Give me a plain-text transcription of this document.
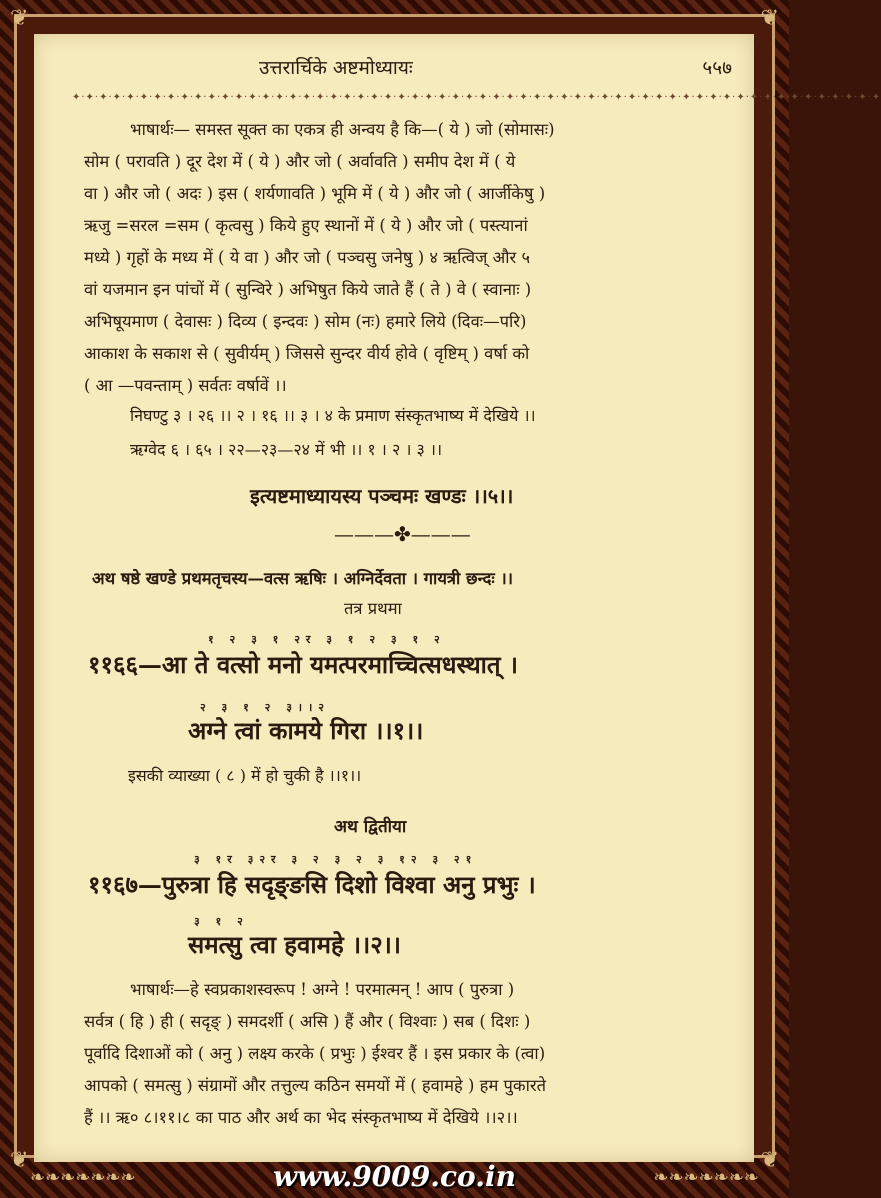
❦	❦
❦	❦
उत्तरार्चिके अष्टमोध्यायः	५५७
✦·✦·✦·✦·✦·✦·✦·✦·✦·✦·✦·✦·✦·✦·✦·✦·✦·✦·✦·✦·✦·✦·✦·✦·✦·✦·✦·✦·✦·✦·✦·✦·✦·✦·✦·✦·✦·✦·✦·✦·✦·✦·✦·✦·✦·✦·✦·✦·✦·✦·✦·✦·✦·✦·✦·✦·✦·✦·✦·✦
भाषार्थः— समस्त सूक्त का एकत्र ही अन्वय है कि—( ये ) जो (सोमासः)
सोम ( परावति ) दूर देश में ( ये ) और जो ( अर्वावति ) समीप देश में ( ये
वा ) और जो ( अदः ) इस ( शर्यणावति ) भूमि में ( ये ) और जो ( आर्जीकेषु )
ऋजु =सरल =सम ( कृत्वसु ) किये हुए स्थानों में ( ये ) और जो ( पस्त्यानां
मध्ये ) गृहों के मध्य में ( ये वा ) और जो ( पञ्चसु जनेषु ) ४ ऋत्विज् और ५
वां यजमान इन पांचों में ( सुन्विरे ) अभिषुत किये जाते हैं ( ते ) वे ( स्वानाः )
अभिषूयमाण ( देवासः ) दिव्य ( इन्दवः ) सोम (नः) हमारे लिये (दिवः—परि)
आकाश के सकाश से ( सुवीर्यम् ) जिससे सुन्दर वीर्य होवे ( वृष्टिम् ) वर्षा को
( आ —पवन्ताम् ) सर्वतः वर्षावें ।।
निघण्टु ३ । २६ ।। २ । १६ ।। ३ । ४ के प्रमाण संस्कृतभाष्य में देखिये ।।
ऋग्वेद ६ । ६५ । २२—२३—२४ में भी ।। १ । २ । ३ ।।
इत्यष्टमाध्यायस्य पञ्चमः खण्डः ।।५।।
———✤———
अथ षष्ठे खण्डे प्रथमतृचस्य—वत्स ऋषिः । अग्निर्देवता । गायत्री छन्दः ।।
तत्र प्रथमा
१ २ ३ १ २र ३ १ २ ३ १ २
११६६—आ ते वत्सो मनो यमत्परमाच्चित्सधस्थात् ।
२ ३ १ २ ३।।२
अग्ने त्वां कामये गिरा ।।१।।
इसकी व्याख्या ( ८ ) में हो चुकी है ।।१।।
अथ द्वितीया
३ १र ३२र ३ २ ३ २ ३ १२ ३ २१
११६७—पुरुत्रा हि सदृङ्ङसि दिशो विश्वा अनु प्रभुः ।
३ १ २
समत्सु त्वा हवामहे ।।२।।
भाषार्थः—हे स्वप्रकाशस्वरूप ! अग्ने ! परमात्मन् ! आप ( पुरुत्रा )
सर्वत्र ( हि ) ही ( सदृङ् ) समदर्शी ( असि ) हैं और ( विश्वाः ) सब ( दिशः )
पूर्वादि दिशाओं को ( अनु ) लक्ष्य करके ( प्रभुः ) ईश्वर हैं । इस प्रकार के (त्वा)
आपको ( समत्सु ) संग्रामों और तत्तुल्य कठिन समयों में ( हवामहे ) हम पुकारते
हैं ।। ऋ० ८।११।८ का पाठ और अर्थ का भेद संस्कृतभाष्य में देखिये ।।२।।
❧❧❧❧❧❧❧	www.9009.co.in	❧❧❧❧❧❧❧
